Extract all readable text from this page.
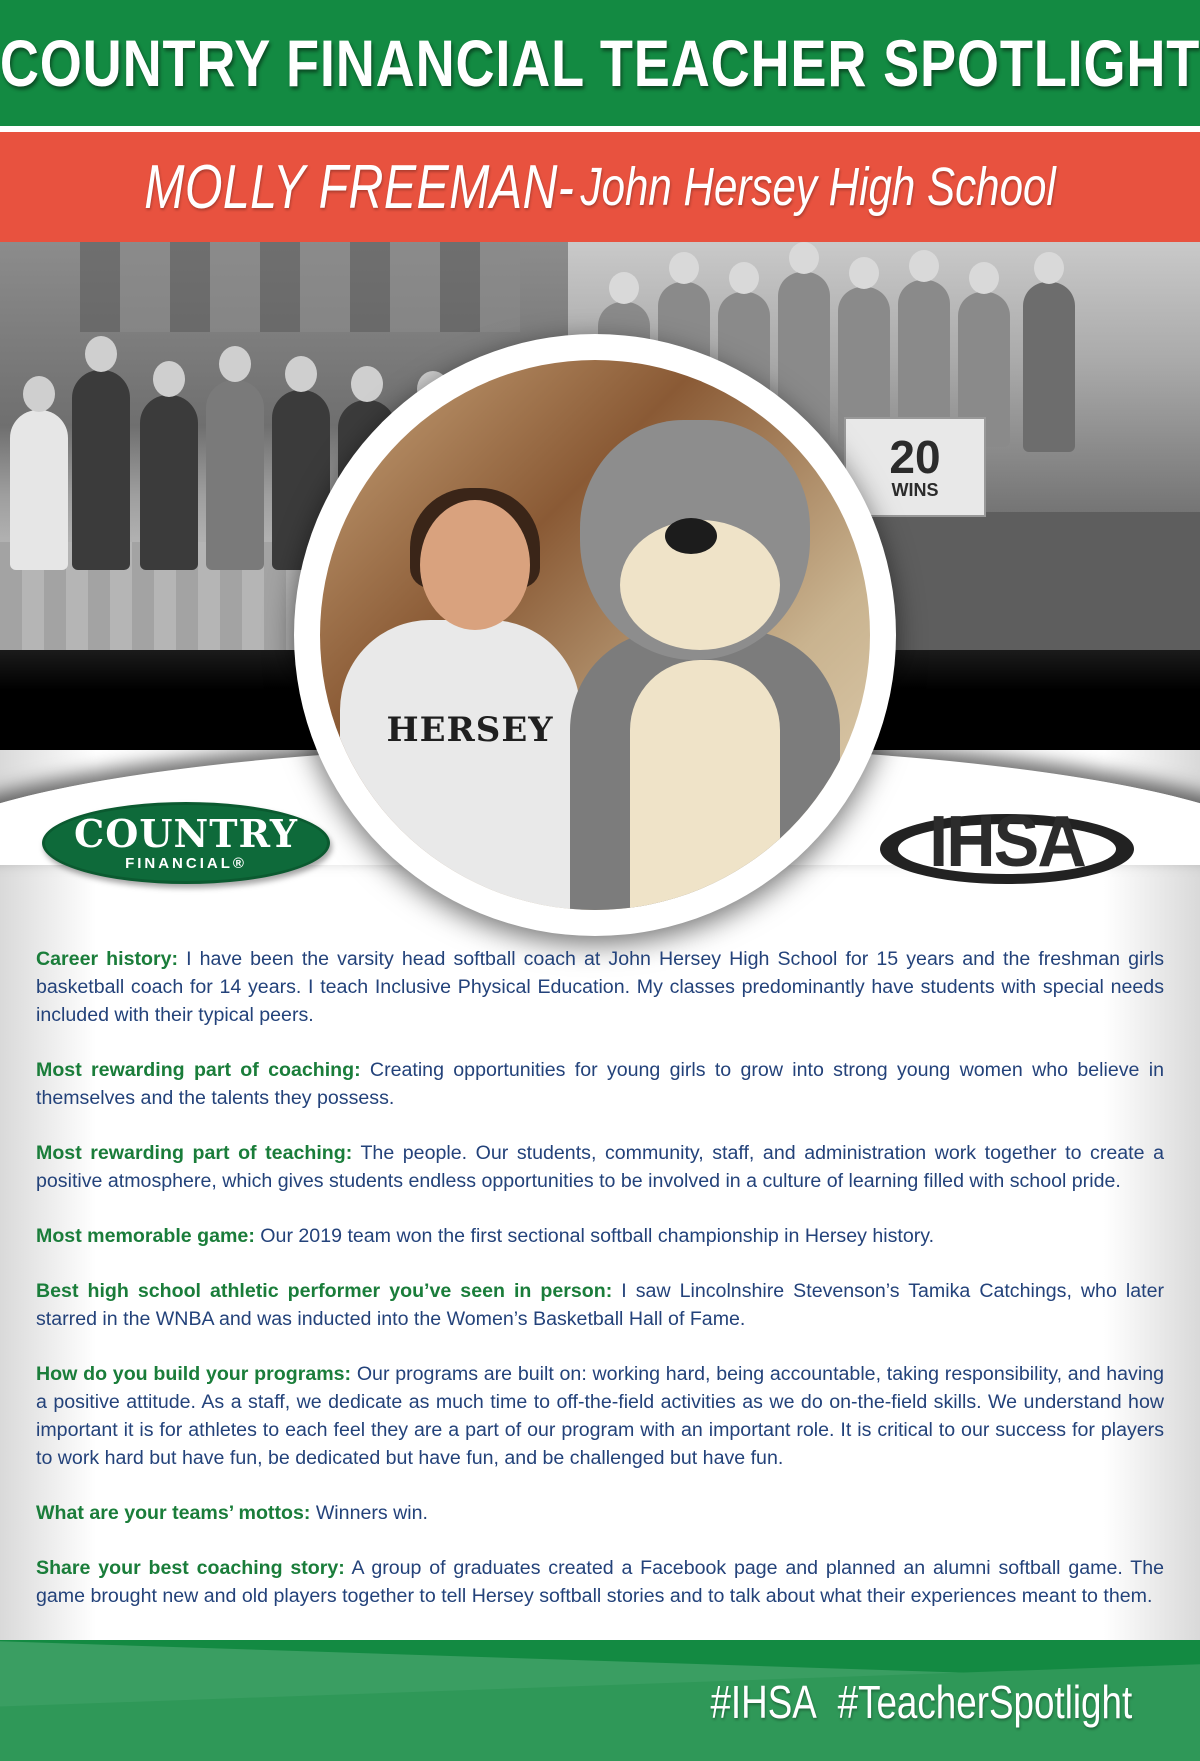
COUNTRY FINANCIAL TEACHER SPOTLIGHT
MOLLY FREEMAN- John Hersey High School
20
WINS
HERSEY
COUNTRY
FINANCIAL®	IHSA

Career history: I have been the varsity head softball coach at John Hersey High School for 15 years and the freshman girls basketball coach for 14 years. I teach Inclusive Physical Education. My classes predominantly have students with special needs included with their typical peers.

Most rewarding part of coaching: Creating opportunities for young girls to grow into strong young women who believe in themselves and the talents they possess.

Most rewarding part of teaching: The people. Our students, community, staff, and administration work together to create a positive atmosphere, which gives students endless opportunities to be involved in a culture of learning filled with school pride.

Most memorable game: Our 2019 team won the first sectional softball championship in Hersey history.

Best high school athletic performer you’ve seen in person: I saw Lincolnshire Stevenson’s Tamika Catchings, who later starred in the WNBA and was inducted into the Women’s Basketball Hall of Fame.

How do you build your programs: Our programs are built on: working hard, being accountable, taking responsibility, and having a positive attitude. As a staff, we dedicate as much time to off-the-field activities as we do on-the-field skills. We understand how important it is for athletes to each feel they are a part of our program with an important role. It is critical to our success for players to work hard but have fun, be dedicated but have fun, and be challenged but have fun.

What are your teams’ mottos: Winners win.

Share your best coaching story: A group of graduates created a Facebook page and planned an alumni softball game. The game brought new and old players together to tell Hersey softball stories and to talk about what their experiences meant to them.

#IHSA #TeacherSpotlight
